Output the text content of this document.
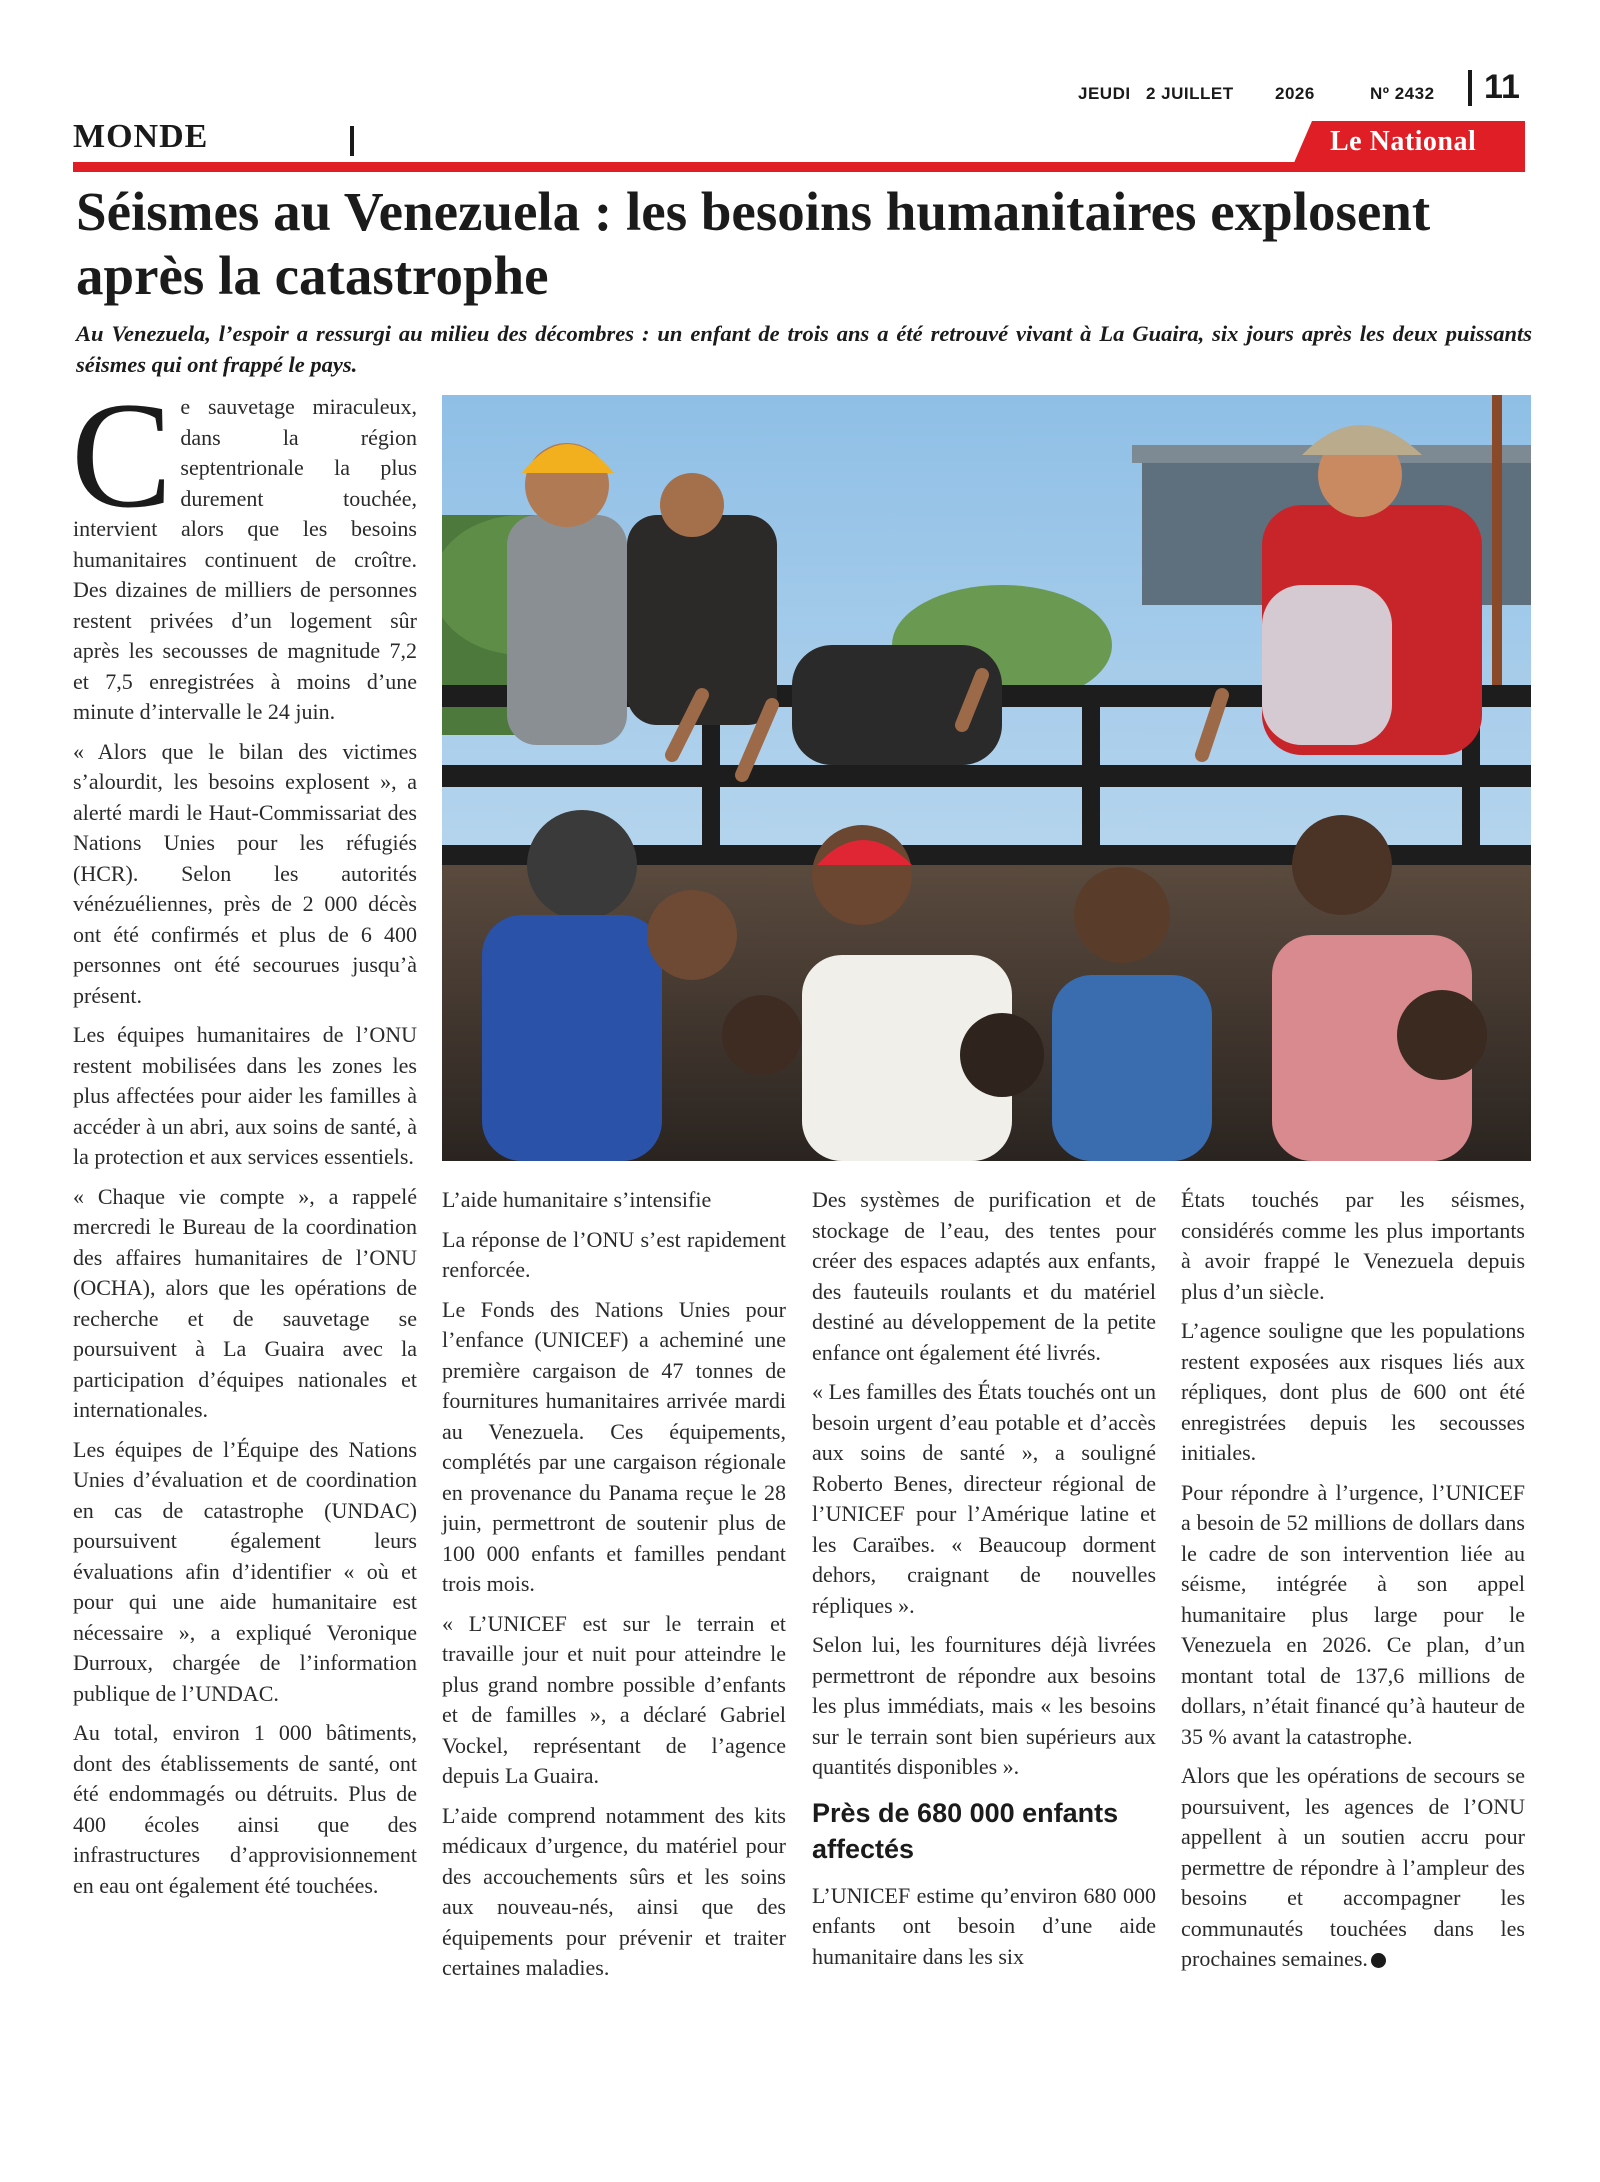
JEUDI 2 JUILLET 2026	Nº 2432 11
MONDE	Le National
Séismes au Venezuela : les besoins humanitaires explosent après la catastrophe

Au Venezuela, l’espoir a ressurgi au milieu des décombres : un enfant de trois ans a été retrouvé vivant à La Guaira, six jours après les deux puissants séismes qui ont frappé le pays.

Ce sauvetage miraculeux, dans la région septentrionale la plus durement touchée, intervient alors que les besoins humanitaires continuent de croître. Des dizaines de milliers de personnes restent privées d’un logement sûr après les secousses de magnitude 7,2 et 7,5 enregistrées à moins d’une minute d’intervalle le 24 juin.

« Alors que le bilan des victimes s’alourdit, les besoins explosent », a alerté mardi le Haut-Commissariat des Nations Unies pour les réfugiés (HCR). Selon les autorités vénézuéliennes, près de 2 000 décès ont été confirmés et plus de 6 400 personnes ont été secourues jusqu’à présent.

Les équipes humanitaires de l’ONU restent mobilisées dans les zones les plus affectées pour aider les familles à accéder à un abri, aux soins de santé, à la protection et aux services essentiels.

« Chaque vie compte », a rappelé mercredi le Bureau de la coordination des affaires humanitaires de l’ONU (OCHA), alors que les opérations de recherche et de sauvetage se poursuivent à La Guaira avec la participation d’équipes nationales et internationales.

Les équipes de l’Équipe des Nations Unies d’évaluation et de coordination en cas de catastrophe (UNDAC) poursuivent également leurs évaluations afin d’identifier « où et pour qui une aide humanitaire est nécessaire », a expliqué Veronique Durroux, chargée de l’information publique de l’UNDAC.

Au total, environ 1 000 bâtiments, dont des établissements de santé, ont été endommagés ou détruits. Plus de 400 écoles ainsi que des infrastructures d’approvisionnement en eau ont également été touchées.

L’aide humanitaire s’intensifie

La réponse de l’ONU s’est rapidement renforcée.

Le Fonds des Nations Unies pour l’enfance (UNICEF) a acheminé une première cargaison de 47 tonnes de fournitures humanitaires arrivée mardi au Venezuela. Ces équipements, complétés par une cargaison régionale en provenance du Panama reçue le 28 juin, permettront de soutenir plus de 100 000 enfants et familles pendant trois mois.

« L’UNICEF est sur le terrain et travaille jour et nuit pour atteindre le plus grand nombre possible d’enfants et de familles », a déclaré Gabriel Vockel, représentant de l’agence depuis La Guaira.

L’aide comprend notamment des kits médicaux d’urgence, du matériel pour des accouchements sûrs et les soins aux nouveau-nés, ainsi que des équipements pour prévenir et traiter certaines maladies.

Des systèmes de purification et de stockage de l’eau, des tentes pour créer des espaces adaptés aux enfants, des fauteuils roulants et du matériel destiné au développement de la petite enfance ont également été livrés.

« Les familles des États touchés ont un besoin urgent d’eau potable et d’accès aux soins de santé », a souligné Roberto Benes, directeur régional de l’UNICEF pour l’Amérique latine et les Caraïbes. « Beaucoup dorment dehors, craignant de nouvelles répliques ».

Selon lui, les fournitures déjà livrées permettront de répondre aux besoins les plus immédiats, mais « les besoins sur le terrain sont bien supérieurs aux quantités disponibles ».

Près de 680 000 enfants affectés

L’UNICEF estime qu’environ 680 000 enfants ont besoin d’une aide humanitaire dans les six

États touchés par les séismes, considérés comme les plus importants à avoir frappé le Venezuela depuis plus d’un siècle.

L’agence souligne que les populations restent exposées aux risques liés aux répliques, dont plus de 600 ont été enregistrées depuis les secousses initiales.

Pour répondre à l’urgence, l’UNICEF a besoin de 52 millions de dollars dans le cadre de son intervention liée au séisme, intégrée à son appel humanitaire plus large pour le Venezuela en 2026. Ce plan, d’un montant total de 137,6 millions de dollars, n’était financé qu’à hauteur de 35 % avant la catastrophe.

Alors que les opérations de secours se poursuivent, les agences de l’ONU appellent à un soutien accru pour permettre de répondre à l’ampleur des besoins et accompagner les communautés touchées dans les prochaines semaines.
